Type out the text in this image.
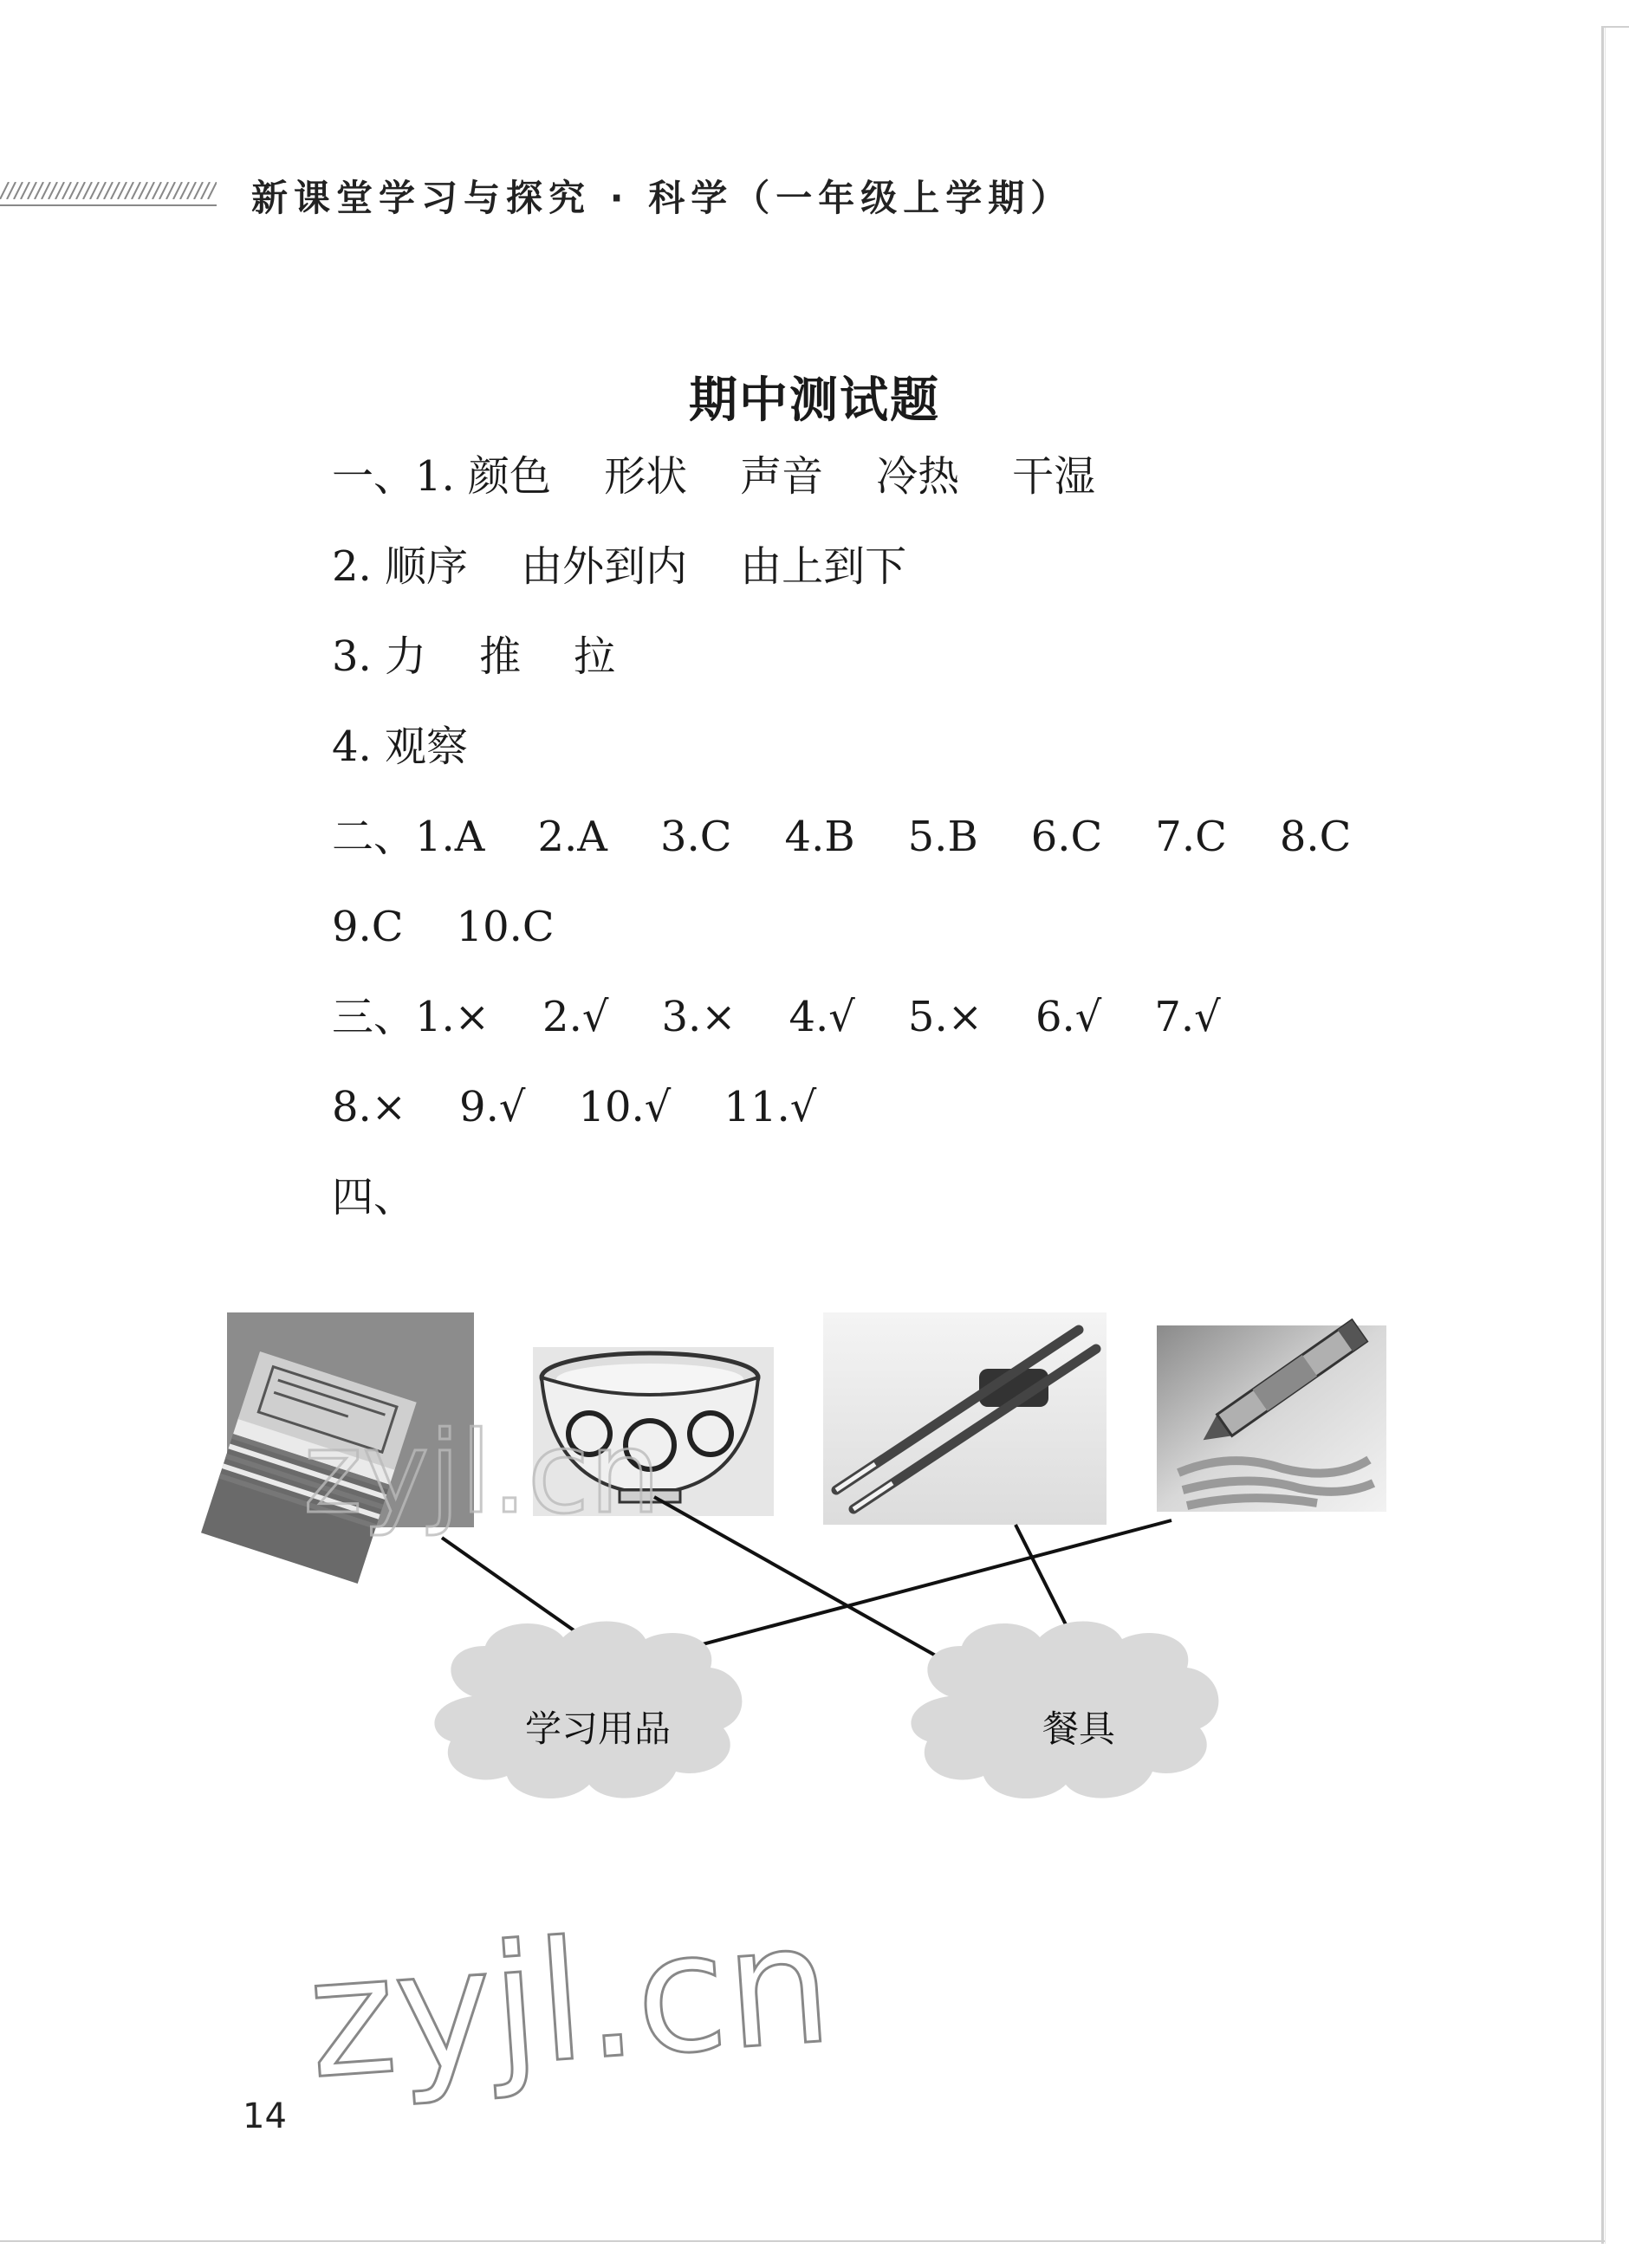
新课堂学习与探究 · 科学（一年级上学期）
期中测试题
一、1. 颜色    形状    声音    冷热    干湿
2. 顺序    由外到内    由上到下
3. 力    推    拉
4. 观察
二、1.A    2.A    3.C    4.B    5.B    6.C    7.C    8.C
9.C    10.C
三、1.×    2.√    3.×    4.√    5.×    6.√    7.√
8.×    9.√    10.√    11.√
四、
学习用品	餐具
zyjl.cn
zyjl.cn
14
